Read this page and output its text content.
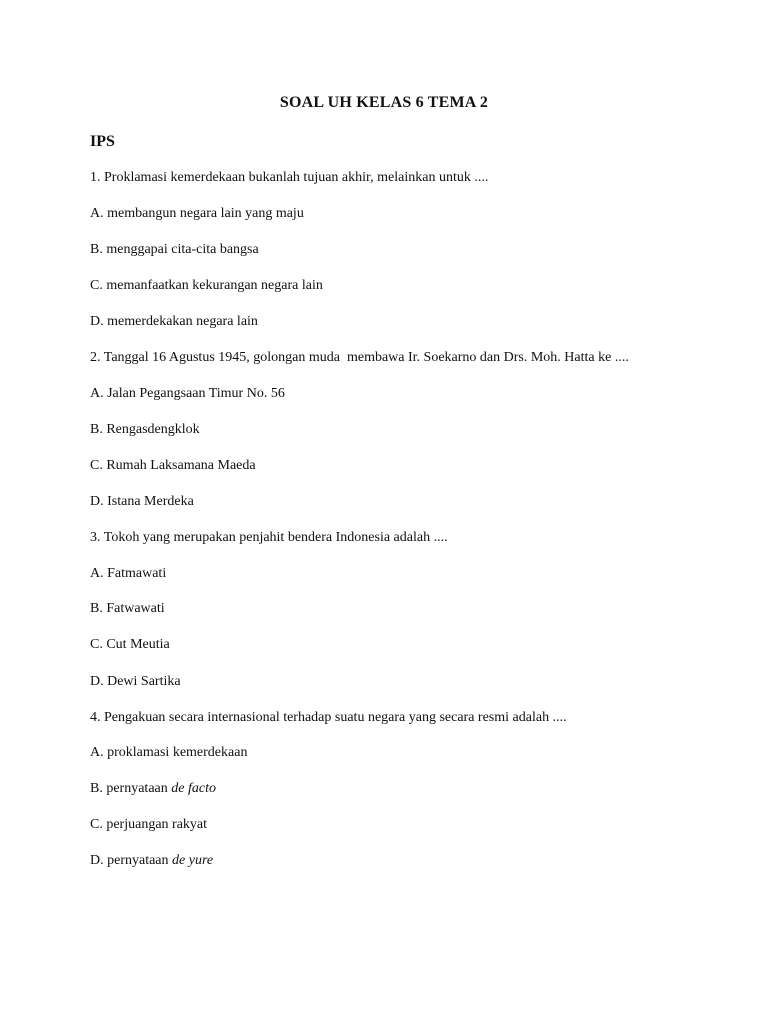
SOAL UH KELAS 6 TEMA 2
IPS
1. Proklamasi kemerdekaan bukanlah tujuan akhir, melainkan untuk ....
A. membangun negara lain yang maju
B. menggapai cita-cita bangsa
C. memanfaatkan kekurangan negara lain
D. memerdekakan negara lain
2. Tanggal 16 Agustus 1945, golongan muda  membawa Ir. Soekarno dan Drs. Moh. Hatta ke ....
A. Jalan Pegangsaan Timur No. 56
B. Rengasdengklok
C. Rumah Laksamana Maeda
D. Istana Merdeka
3. Tokoh yang merupakan penjahit bendera Indonesia adalah ....
A. Fatmawati
B. Fatwawati
C. Cut Meutia
D. Dewi Sartika
4. Pengakuan secara internasional terhadap suatu negara yang secara resmi adalah ....
A. proklamasi kemerdekaan
B. pernyataan de facto
C. perjuangan rakyat
D. pernyataan de yure
